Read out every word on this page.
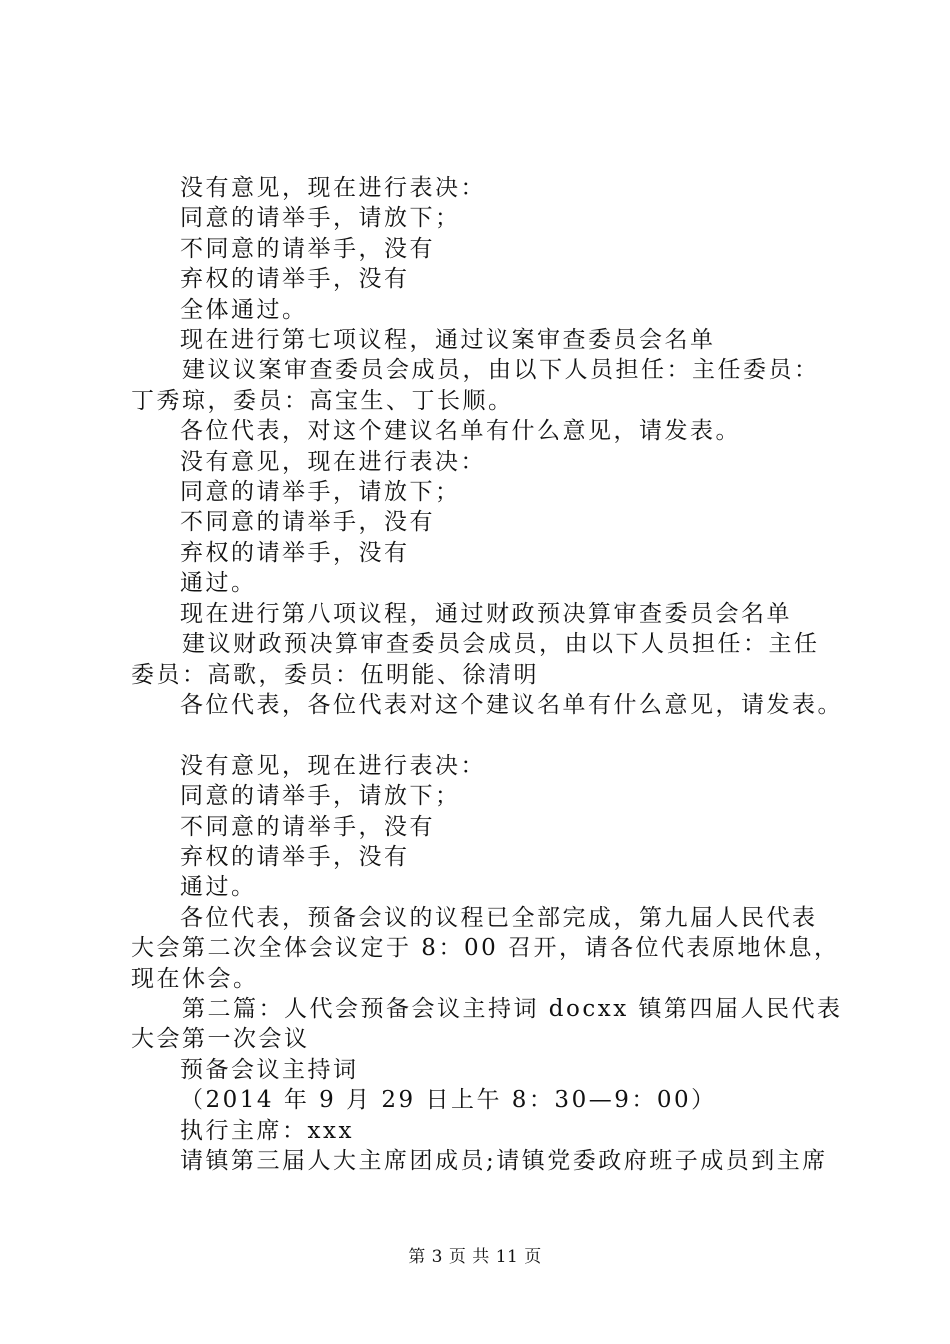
没有意见，现在进行表决：
同意的请举手，请放下；
不同意的请举手，没有
弃权的请举手，没有
全体通过。
现在进行第七项议程，通过议案审查委员会名单
建议议案审查委员会成员，由以下人员担任：主任委员：
丁秀琼，委员：高宝生、丁长顺。
各位代表，对这个建议名单有什么意见，请发表。
没有意见，现在进行表决：
同意的请举手，请放下；
不同意的请举手，没有
弃权的请举手，没有
通过。
现在进行第八项议程，通过财政预决算审查委员会名单
建议财政预决算审查委员会成员，由以下人员担任：主任
委员：高歌，委员：伍明能、徐清明
各位代表，各位代表对这个建议名单有什么意见，请发表。
没有意见，现在进行表决：
同意的请举手，请放下；
不同意的请举手，没有
弃权的请举手，没有
通过。
各位代表，预备会议的议程已全部完成，第九届人民代表
大会第二次全体会议定于 8：00 召开，请各位代表原地休息，
现在休会。
第二篇：人代会预备会议主持词 docxx 镇第四届人民代表
大会第一次会议
预备会议主持词
（2014 年 9 月 29 日上午 8：30—9：00）
执行主席：xxx
请镇第三届人大主席团成员;请镇党委政府班子成员到主席
第 3 页 共 11 页
